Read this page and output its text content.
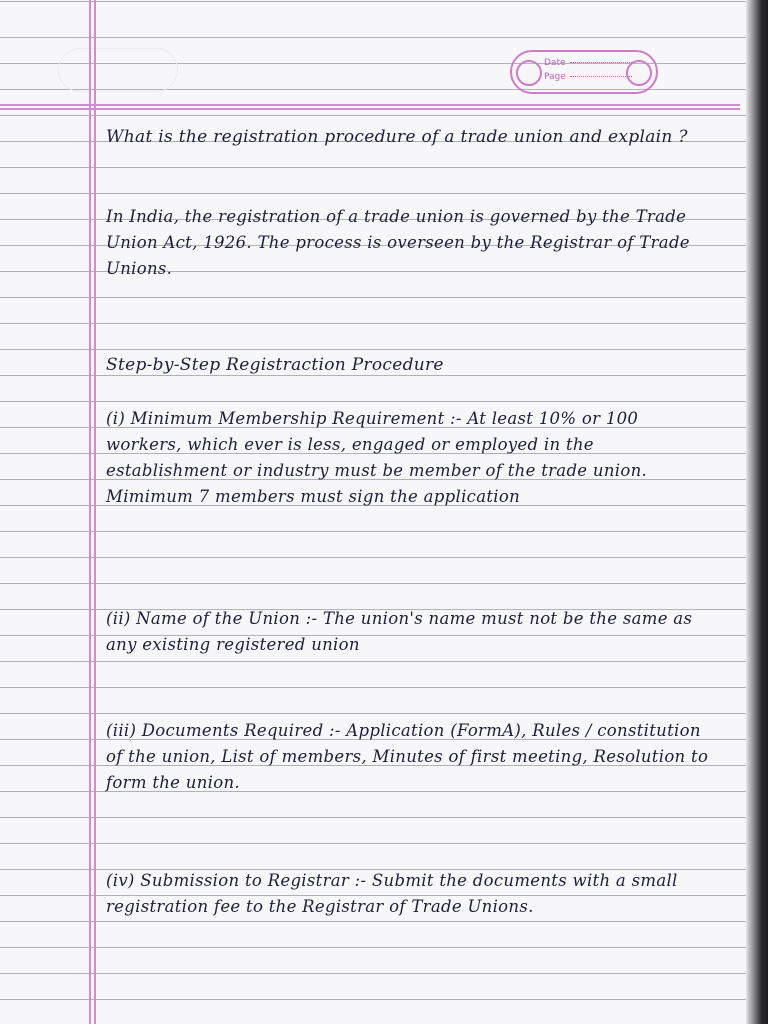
Date
Page

What is the registration procedure of a trade union and explain ?

In India, the registration of a trade union is governed by the Trade Union Act, 1926. The process is overseen by the Registrar of Trade Unions.

Step-by-Step Registraction Procedure

(i) Minimum Membership Requirement :- At least 10% or 100 workers, which ever is less, engaged or employed in the establishment or industry must be member of the trade union. Mimimum 7 members must sign the application

(ii) Name of the Union :- The union's name must not be the same as any existing registered union

(iii) Documents Required :- Application (FormA), Rules / constitution of the union, List of members, Minutes of first meeting, Resolution to form the union.

(iv) Submission to Registrar :- Submit the documents with a small registration fee to the Registrar of Trade Unions.
